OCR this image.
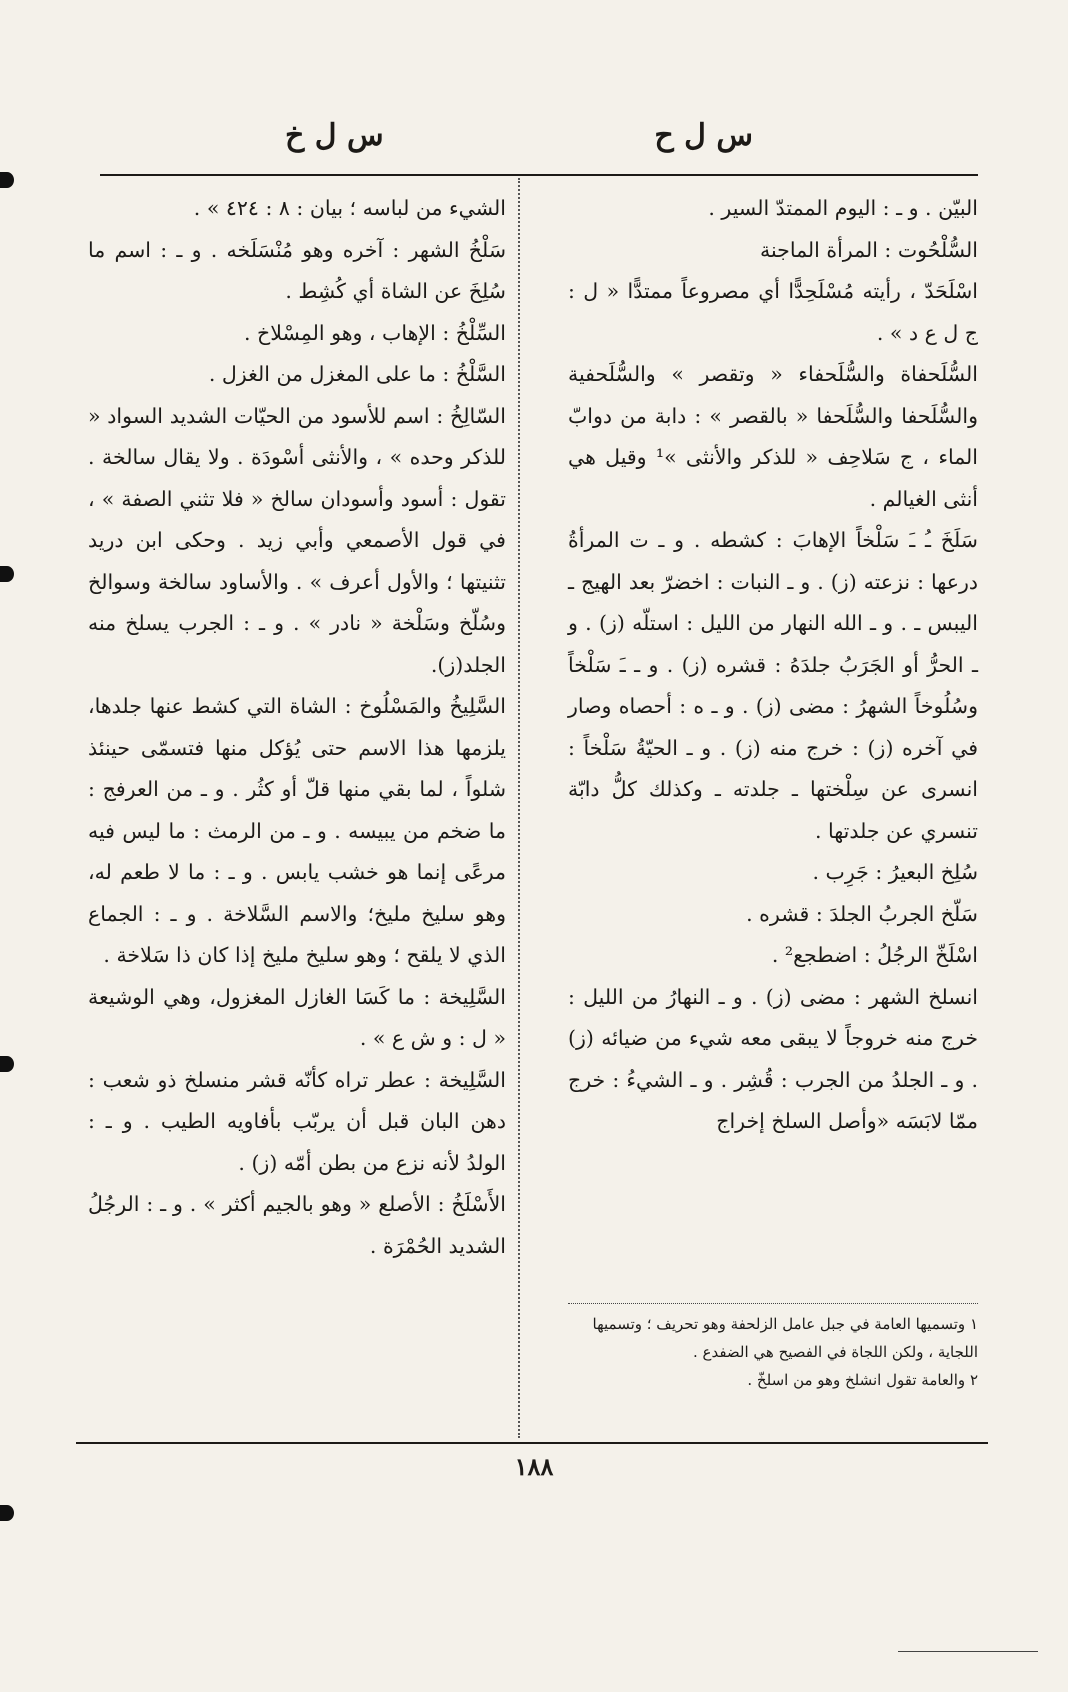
س ل ح
س ل خ

البيّن . و ـ : اليوم الممتدّ السير .

السُّلْحُوت : المرأة الماجنة

اسْلَحَدّ ، رأيته مُسْلَحِدًّا أي مصروعاً ممتدًّا « ل : ج ل ع د » .

السُّلَحفاة والسُّلَحفاء « وتقصر » والسُّلَحفية والسُّلَحفا والسُّلَحفا « بالقصر » : دابة من دوابّ الماء ، ج سَلاحِف « للذكر والأنثى »¹ وقيل هي أنثى الغيالم .

سَلَخَ ـُ ـَ سَلْخاً الإهابَ : كشطه . و ـ ت المرأةُ درعها : نزعته (ز) . و ـ النبات : اخضرّ بعد الهيج ـ اليبس ـ . و ـ الله النهار من الليل : استلّه (ز) . و ـ الحرُّ أو الجَرَبُ جلدَهُ : قشره (ز) . و ـ ـَ سَلْخاً وسُلُوخاً الشهرُ : مضى (ز) . و ـ ه : أحصاه وصار في آخره (ز) : خرج منه (ز) . و ـ الحيّةُ سَلْخاً : انسرى عن سِلْختها ـ جلدته ـ وكذلك كلُّ دابّة تنسري عن جلدتها .

سُلِخ البعيرُ : جَرِب .

سَلّخ الجربُ الجلدَ : قشره .

اسْلَخّ الرجُلُ : اضطجع² .

انسلخ الشهر : مضى (ز) . و ـ النهارُ من الليل : خرج منه خروجاً لا يبقى معه شيء من ضيائه (ز) . و ـ الجلدُ من الجرب : قُشِر . و ـ الشيءُ : خرج ممّا لابَسَه «وأصل السلخ إخراج

١ وتسميها العامة في جبل عامل الزلحفة وهو تحريف ؛ وتسميها اللجاية ، ولكن اللجاة في الفصيح هي الضفدع .

٢ والعامة تقول انشلخ وهو من اسلخّ .

الشيء من لباسه ؛ بيان : ٨ : ٤٢٤ » .

سَلْخُ الشهر : آخره وهو مُنْسَلَخه . و ـ : اسم ما سُلِخَ عن الشاة أي كُشِط .

السِّلْخُ : الإهاب ، وهو المِسْلاخ .

السَّلْخُ : ما على المغزل من الغزل .

السّالِخُ : اسم للأسود من الحيّات الشديد السواد « للذكر وحده » ، والأنثى أسْودَة . ولا يقال سالخة . تقول : أسود وأسودان سالخ « فلا تثني الصفة » ، في قول الأصمعي وأبي زيد . وحكى ابن دريد تثنيتها ؛ والأول أعرف » . والأساود سالخة وسوالخ وسُلّخ وسَلْخة « نادر » . و ـ : الجرب يسلخ منه الجلد(ز).

السَّلِيخُ والمَسْلُوخ : الشاة التي كشط عنها جلدها، يلزمها هذا الاسم حتى يُؤكل منها فتسمّى حينئذ شلواً ، لما بقي منها قلّ أو كثُر . و ـ من العرفج : ما ضخم من يبيسه . و ـ من الرمث : ما ليس فيه مرعًى إنما هو خشب يابس . و ـ : ما لا طعم له، وهو سليخ مليخ؛ والاسم السَّلاخة . و ـ : الجماع الذي لا يلقح ؛ وهو سليخ مليخ إذا كان ذا سَلاخة .

السَّلِيخة : ما كَسَا الغازل المغزول، وهي الوشيعة « ل : و ش ع » .

السَّلِيخة : عطر تراه كأنّه قشر منسلخ ذو شعب : دهن البان قبل أن يربّب بأفاويه الطيب . و ـ : الولدُ لأنه نزع من بطن أمّه (ز) .

الأَسْلَخُ : الأصلع « وهو بالجيم أكثر » . و ـ : الرجُلُ الشديد الحُمْرَة .

١٨٨
